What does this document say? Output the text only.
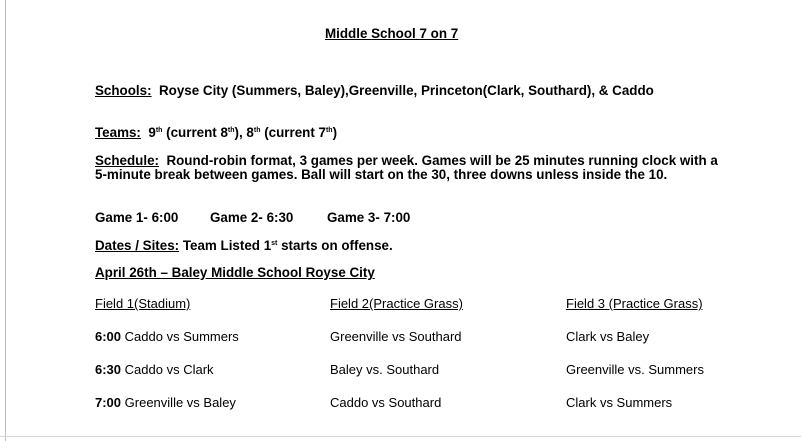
Middle School 7 on 7
Schools: Royse City (Summers, Baley),Greenville, Princeton(Clark, Southard), & Caddo
Teams: 9th (current 8th), 8th (current 7th)
Schedule: Round-robin format, 3 games per week. Games will be 25 minutes running clock with a 5-minute break between games. Ball will start on the 30, three downs unless inside the 10.
Game 1- 6:00 Game 2- 6:30	Game 3- 7:00
Dates / Sites: Team Listed 1st starts on offense.
April 26th – Baley Middle School Royse City
Field 1(Stadium)	Field 2(Practice Grass)	Field 3 (Practice Grass)
6:00 Caddo vs Summers	Greenville vs Southard	Clark vs Baley
6:30 Caddo vs Clark	Baley vs. Southard	Greenville vs. Summers
7:00 Greenville vs Baley	Caddo vs Southard	Clark vs Summers
